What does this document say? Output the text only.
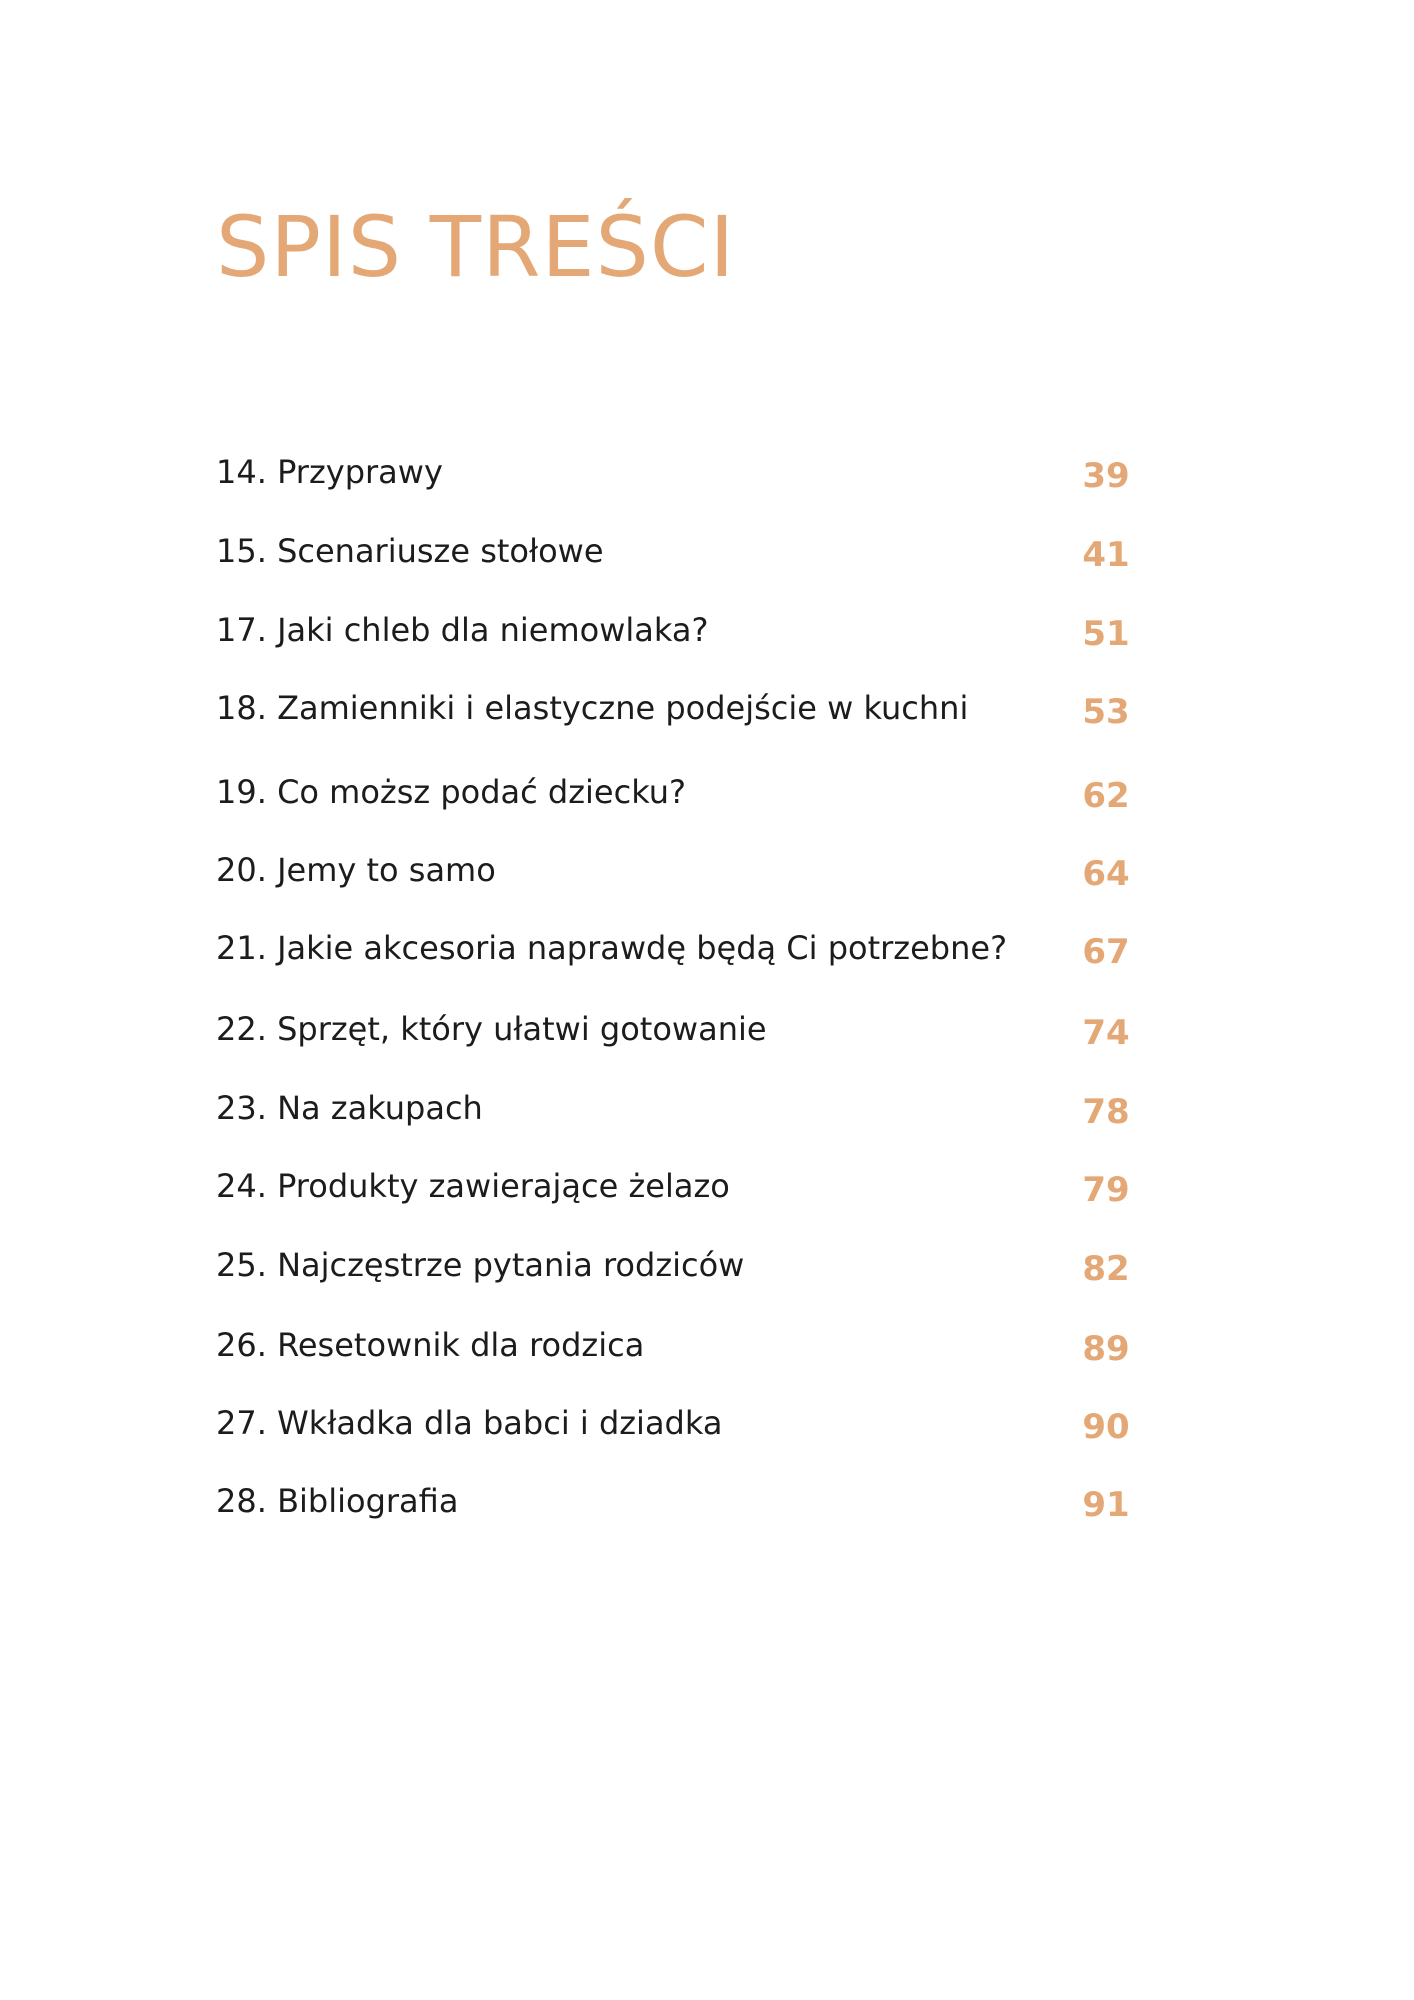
SPIS TREŚCI
14. Przyprawy	39
15. Scenariusze stołowe	41
17. Jaki chleb dla niemowlaka?	51
18. Zamienniki i elastyczne podejście w kuchni	53
19. Co moższ podać dziecku?	62
20. Jemy to samo	64
21. Jakie akcesoria naprawdę będą Ci potrzebne?	67
22. Sprzęt, który ułatwi gotowanie	74
23. Na zakupach	78
24. Produkty zawierające żelazo	79
25. Najczęstrze pytania rodziców	82
26. Resetownik dla rodzica	89
27. Wkładka dla babci i dziadka	90
28. Bibliografia	91
